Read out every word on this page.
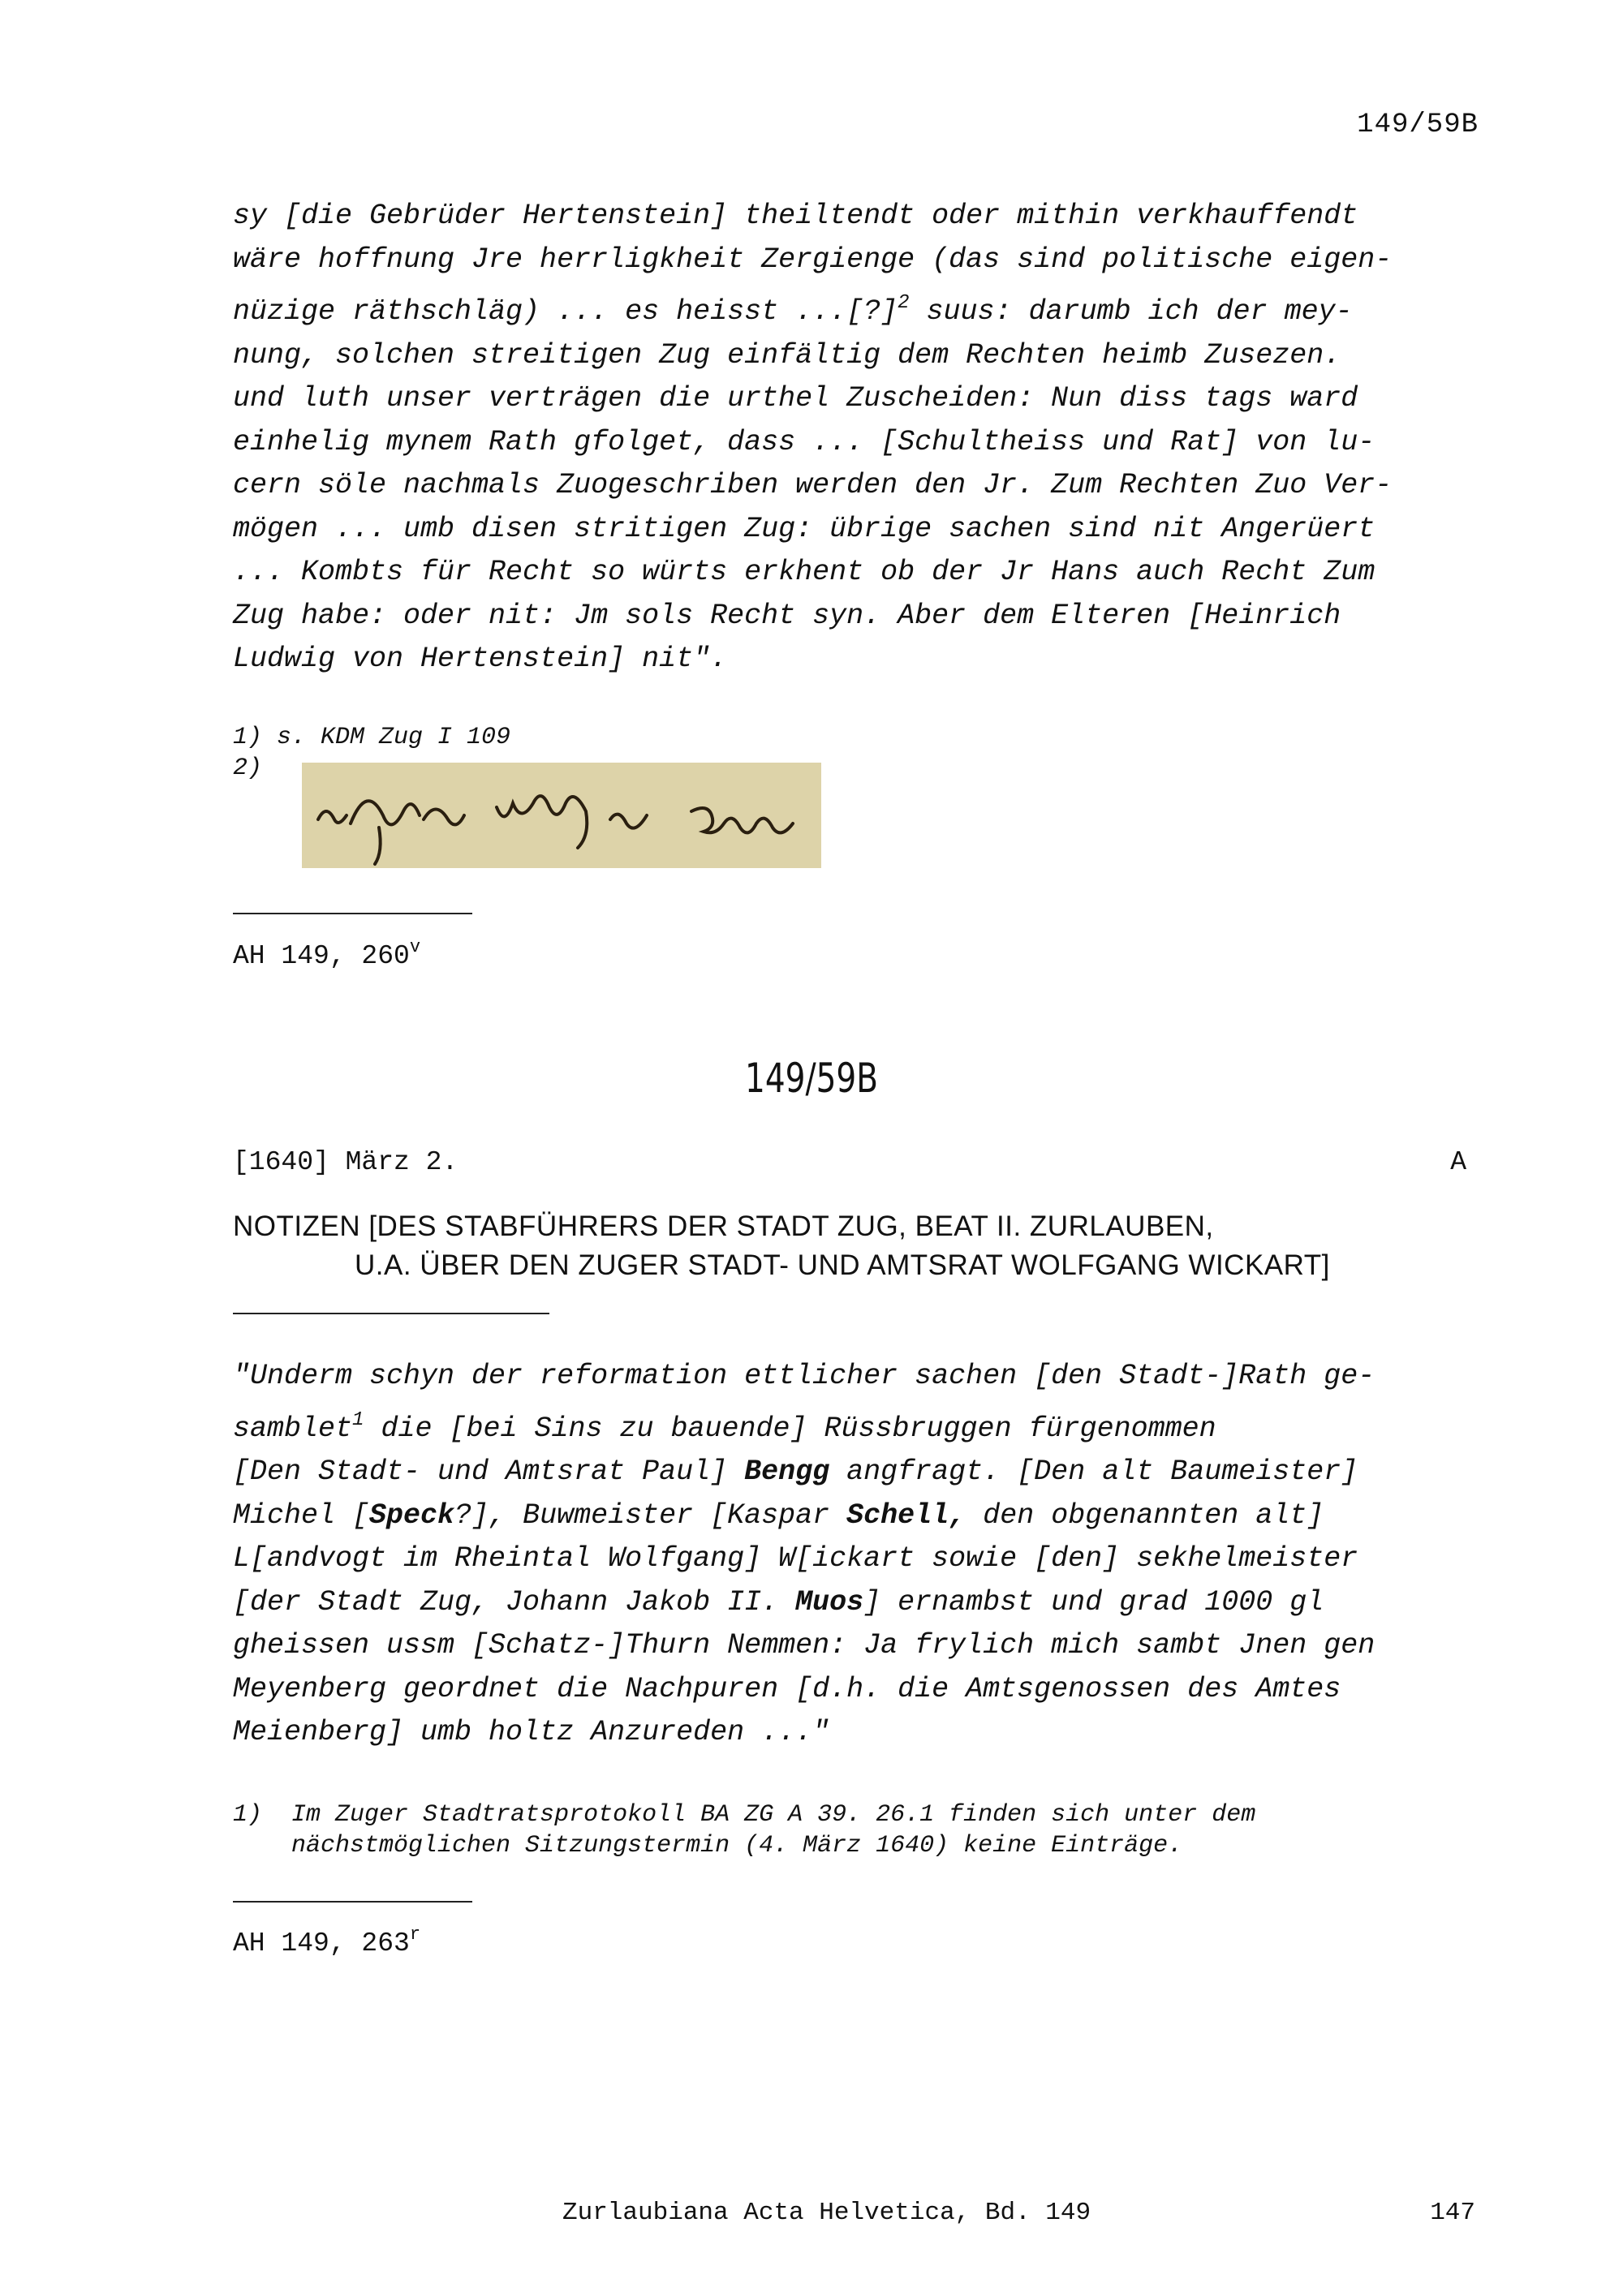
149/59B

sy [die Gebrüder Hertenstein] theiltendt oder mithin verkhauffendt

wäre hoffnung Jre herrligkheit Zergienge (das sind politische eigen-

nüzige räthschläg) ... es heisst ...[?]$^2$ suus: darumb ich der mey-

nung, solchen streitigen Zug einfältig dem Rechten heimb Zusezen.

und luth unser verträgen die urthel Zuscheiden: Nun diss tags ward

einhelig mynem Rath gfolget, dass ... [Schultheiss und Rat] von lu-

cern söle nachmals Zuogeschriben werden den Jr. Zum Rechten Zuo Ver-

mögen ... umb disen stritigen Zug: übrige sachen sind nit Angerüert

... Kombts für Recht so würts erkhent ob der Jr Hans auch Recht Zum

Zug habe: oder nit: Jm sols Recht syn. Aber dem Elteren [Heinrich

Ludwig von Hertenstein] nit".

1) s. KDM Zug I 109
2)
AH 149, 260$^v$
149/59B
[1640] März 2.	A
NOTIZEN [DES STABFÜHRERS DER STADT ZUG, BEAT II. ZURLAUBEN,
U.A. ÜBER DEN ZUGER STADT- UND AMTSRAT WOLFGANG WICKART]

"Underm schyn der reformation ettlicher sachen [den Stadt-]Rath ge-

samblet$^1$ die [bei Sins zu bauende] Rüssbruggen fürgenommen

[Den Stadt- und Amtsrat Paul] Bengg angfragt. [Den alt Baumeister]

Michel [Speck?], Buwmeister [Kaspar Schell, den obgenannten alt]

L[andvogt im Rheintal Wolfgang] W[ickart sowie [den] sekhelmeister

[der Stadt Zug, Johann Jakob II. Muos] ernambst und grad 1000 gl

gheissen ussm [Schatz-]Thurn Nemmen: Ja frylich mich sambt Jnen gen

Meyenberg geordnet die Nachpuren [d.h. die Amtsgenossen des Amtes

Meienberg] umb holtz Anzureden ..."

1)  Im Zuger Stadtratsprotokoll BA ZG A 39. 26.1 finden sich unter dem
nächstmöglichen Sitzungstermin (4. März 1640) keine Einträge.
AH 149, 263$^r$
Zurlaubiana Acta Helvetica, Bd. 149	147
